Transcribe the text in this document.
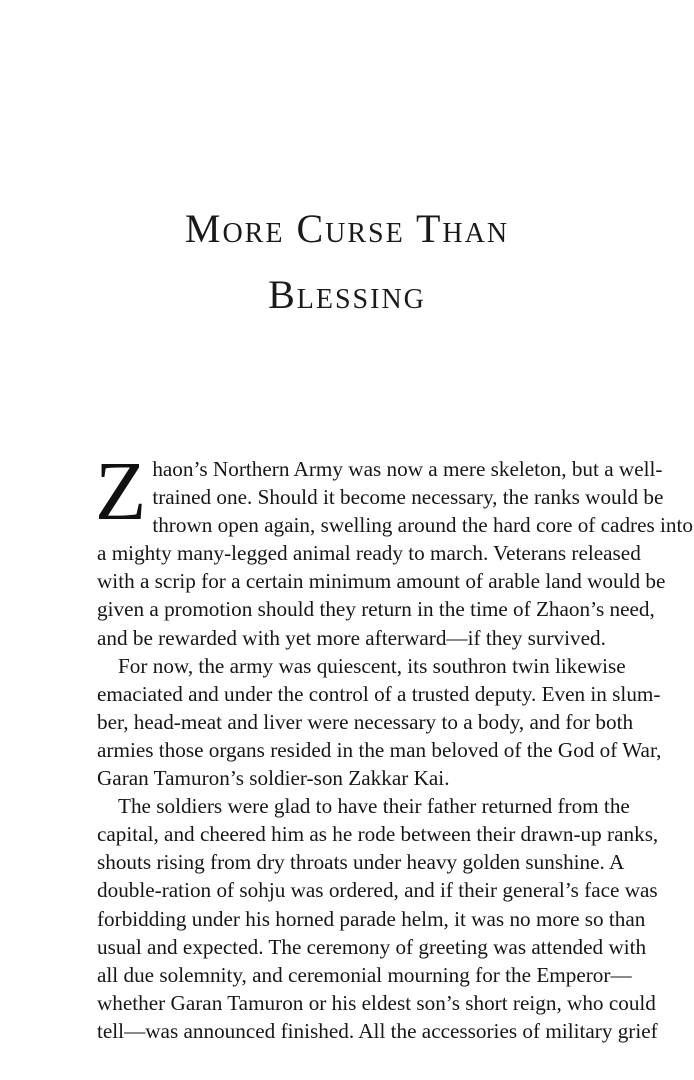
More Curse Than
Blessing

Z haon’s Northern Army was now a mere skeleton, but a well-
trained one. Should it become necessary, the ranks would be
thrown open again, swelling around the hard core of cadres into
a mighty many-legged animal ready to march. Veterans released
with a scrip for a certain minimum amount of arable land would be
given a promotion should they return in the time of Zhaon’s need,
and be rewarded with yet more afterward—if they survived.

For now, the army was quiescent, its southron twin likewise
emaciated and under the control of a trusted deputy. Even in slum-
ber, head-meat and liver were necessary to a body, and for both
armies those organs resided in the man beloved of the God of War,
Garan Tamuron’s soldier-son Zakkar Kai.

The soldiers were glad to have their father returned from the
capital, and cheered him as he rode between their drawn-up ranks,
shouts rising from dry throats under heavy golden sunshine. A
double-ration of sohju was ordered, and if their general’s face was
forbidding under his horned parade helm, it was no more so than
usual and expected. The ceremony of greeting was attended with
all due solemnity, and ceremonial mourning for the Emperor—
whether Garan Tamuron or his eldest son’s short reign, who could
tell—was announced finished. All the accessories of military grief
